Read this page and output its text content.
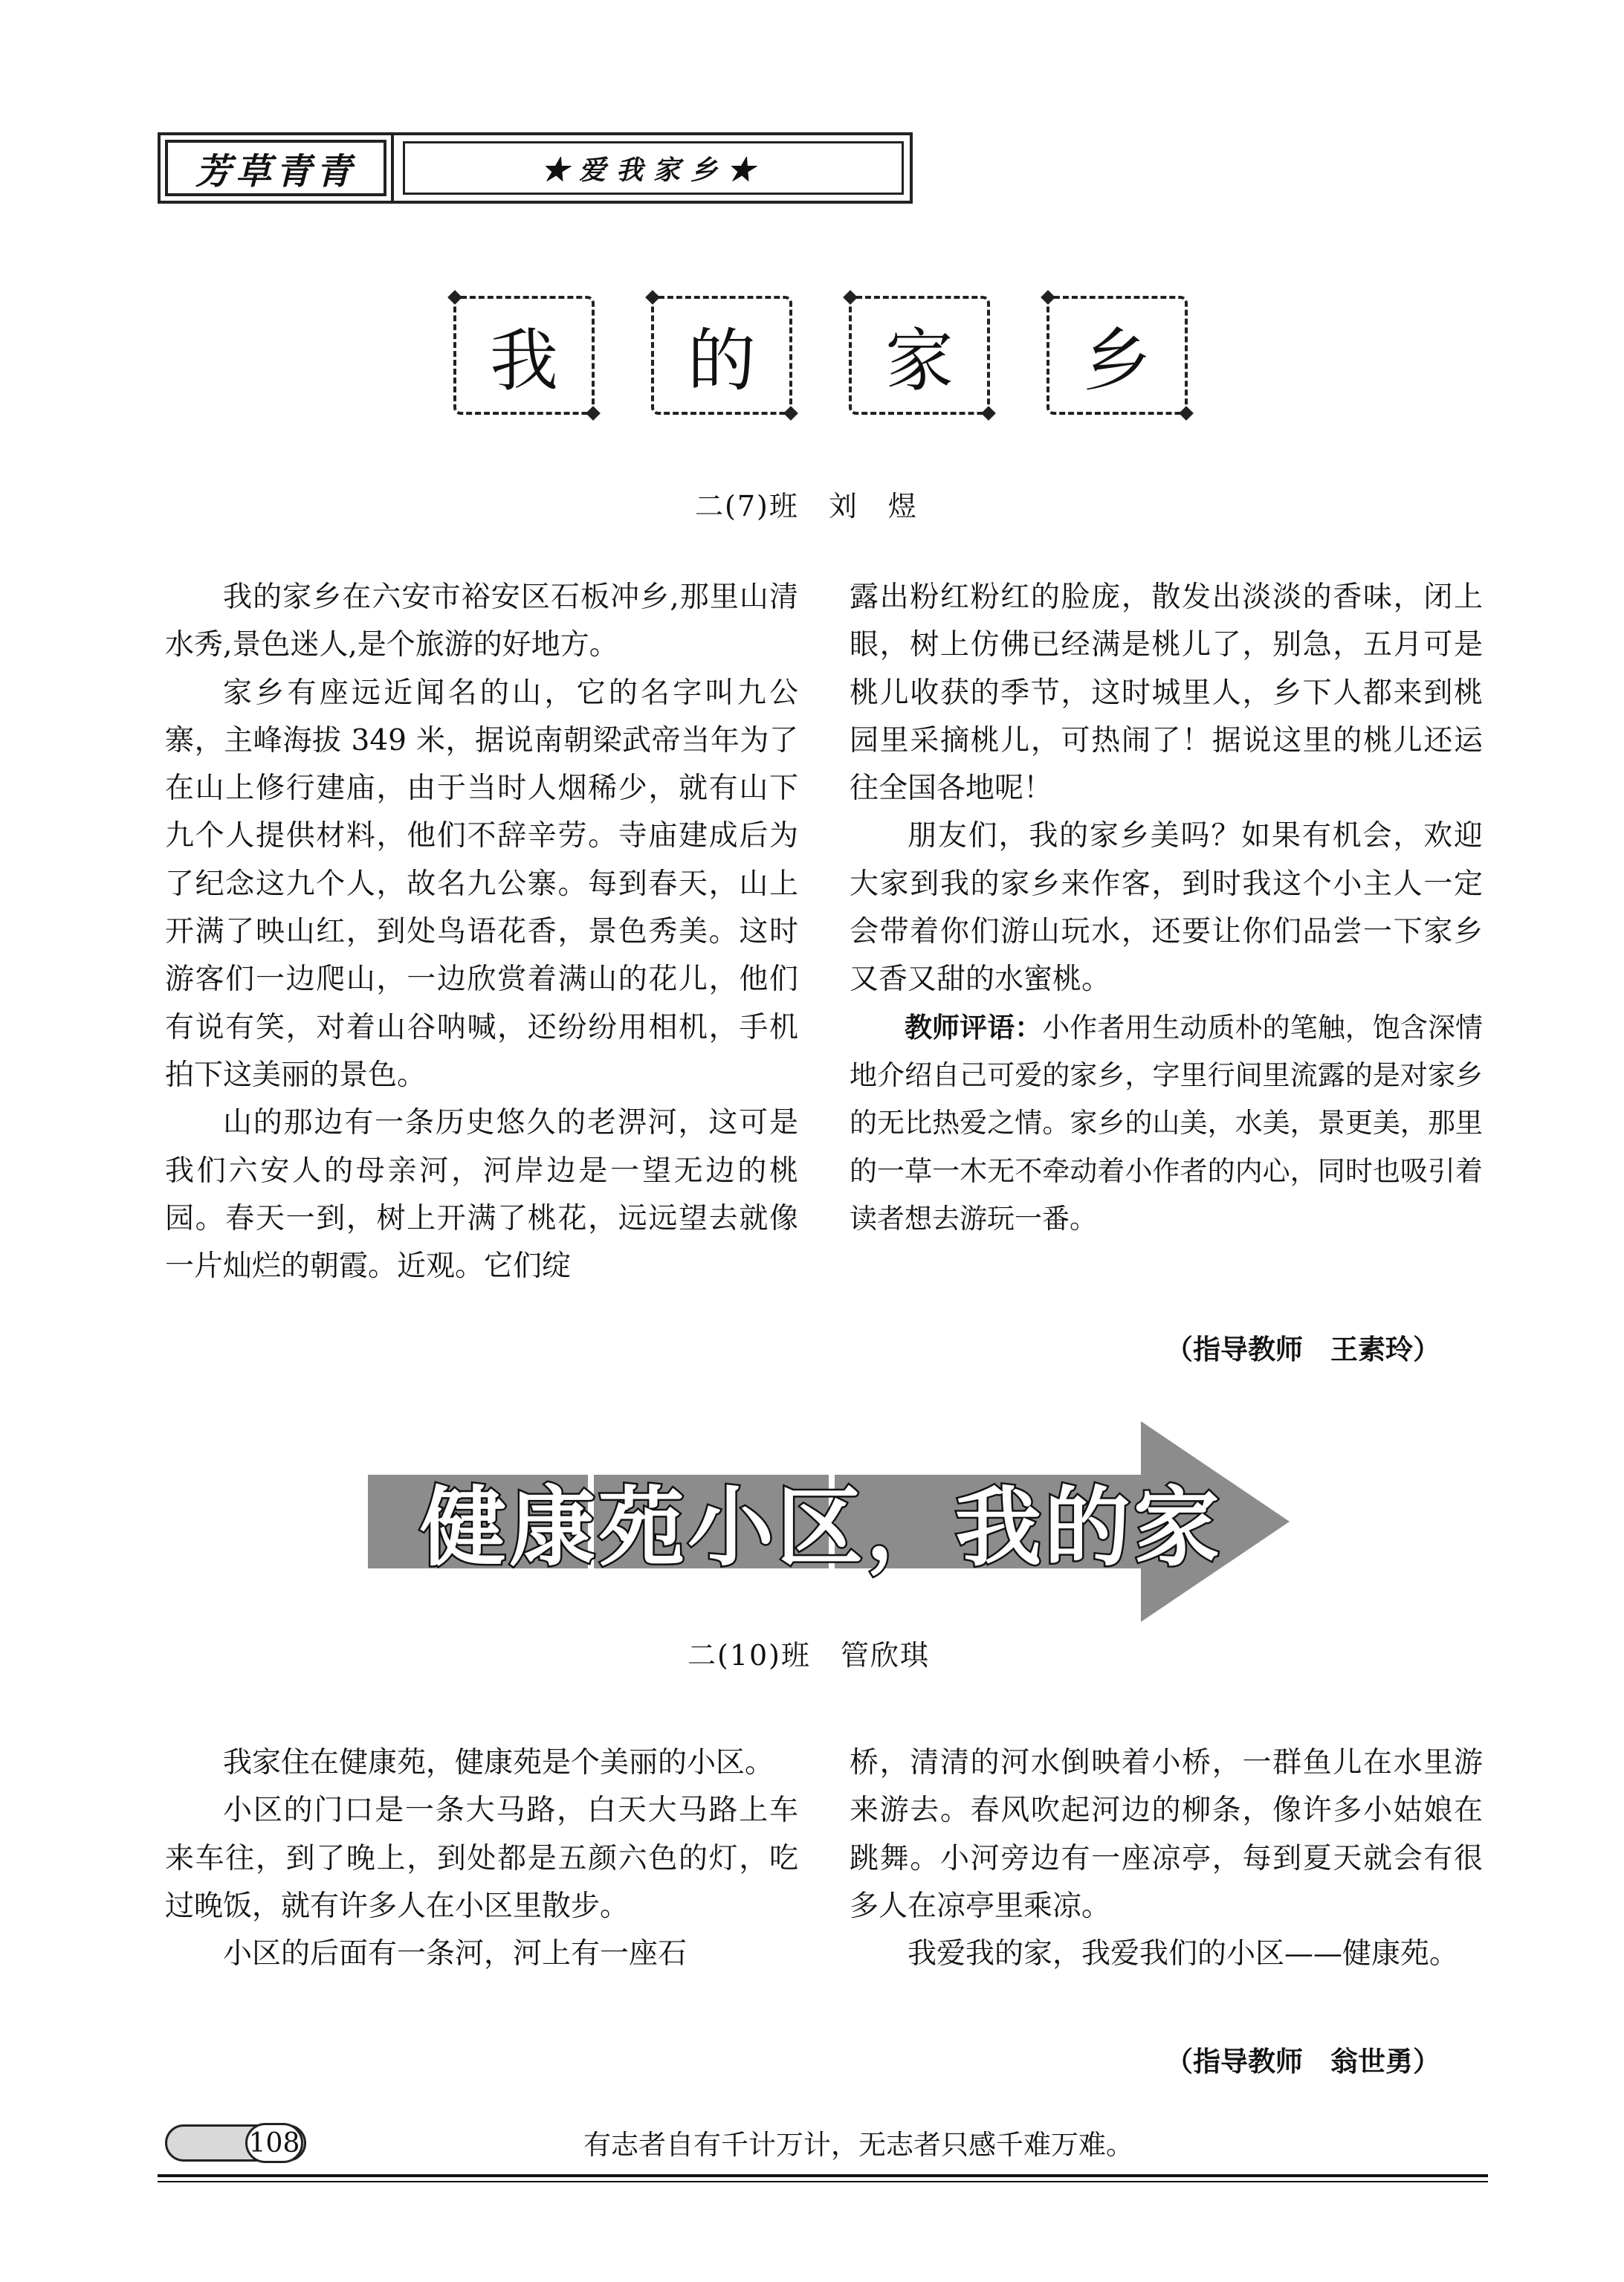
芳草青青	★爱我家乡★
我	的	家	乡
二(7)班　刘　煜

我的家乡在六安市裕安区石板冲乡,那里山清水秀,景色迷人,是个旅游的好地方。

家乡有座远近闻名的山，它的名字叫九公寨，主峰海拔 349 米，据说南朝梁武帝当年为了在山上修行建庙，由于当时人烟稀少，就有山下九个人提供材料，他们不辞辛劳。寺庙建成后为了纪念这九个人，故名九公寨。每到春天，山上开满了映山红，到处鸟语花香，景色秀美。这时游客们一边爬山，一边欣赏着满山的花儿，他们有说有笑，对着山谷呐喊，还纷纷用相机，手机拍下这美丽的景色。

山的那边有一条历史悠久的老淠河，这可是我们六安人的母亲河，河岸边是一望无边的桃园。春天一到，树上开满了桃花，远远望去就像一片灿烂的朝霞。近观。它们绽

露出粉红粉红的脸庞，散发出淡淡的香味，闭上眼，树上仿佛已经满是桃儿了，别急，五月可是桃儿收获的季节，这时城里人，乡下人都来到桃园里采摘桃儿，可热闹了！据说这里的桃儿还运往全国各地呢！

朋友们，我的家乡美吗？如果有机会，欢迎大家到我的家乡来作客，到时我这个小主人一定会带着你们游山玩水，还要让你们品尝一下家乡又香又甜的水蜜桃。

教师评语：小作者用生动质朴的笔触，饱含深情地介绍自己可爱的家乡，字里行间里流露的是对家乡的无比热爱之情。家乡的山美，水美，景更美，那里的一草一木无不牵动着小作者的内心，同时也吸引着读者想去游玩一番。

（指导教师　王素玲）
健康苑小区，我的家
二(10)班　管欣琪

我家住在健康苑，健康苑是个美丽的小区。

小区的门口是一条大马路，白天大马路上车来车往，到了晚上，到处都是五颜六色的灯，吃过晚饭，就有许多人在小区里散步。

小区的后面有一条河，河上有一座石

桥，清清的河水倒映着小桥，一群鱼儿在水里游来游去。春风吹起河边的柳条，像许多小姑娘在跳舞。小河旁边有一座凉亭，每到夏天就会有很多人在凉亭里乘凉。

我爱我的家，我爱我们的小区——健康苑。

（指导教师　翁世勇）
108	有志者自有千计万计，无志者只感千难万难。
